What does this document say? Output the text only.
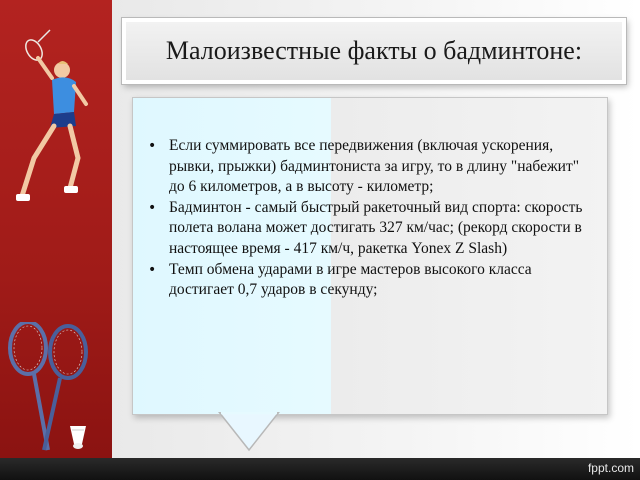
Малоизвестные факты о бадминтоне:
• Если суммировать все передвижения (включая ускорения, рывки, прыжки) бадминтониста за игру, то в длину "набежит" до 6 километров, а в высоту - километр;
• Бадминтон - самый быстрый ракеточный вид спорта: скорость полета волана может достигать 327 км/час; (рекорд скорости в настоящее время - 417 км/ч, ракетка Yonex Z Slash)
• Темп обмена ударами в игре мастеров высокого класса достигает 0,7 ударов в секунду;
fppt.com
